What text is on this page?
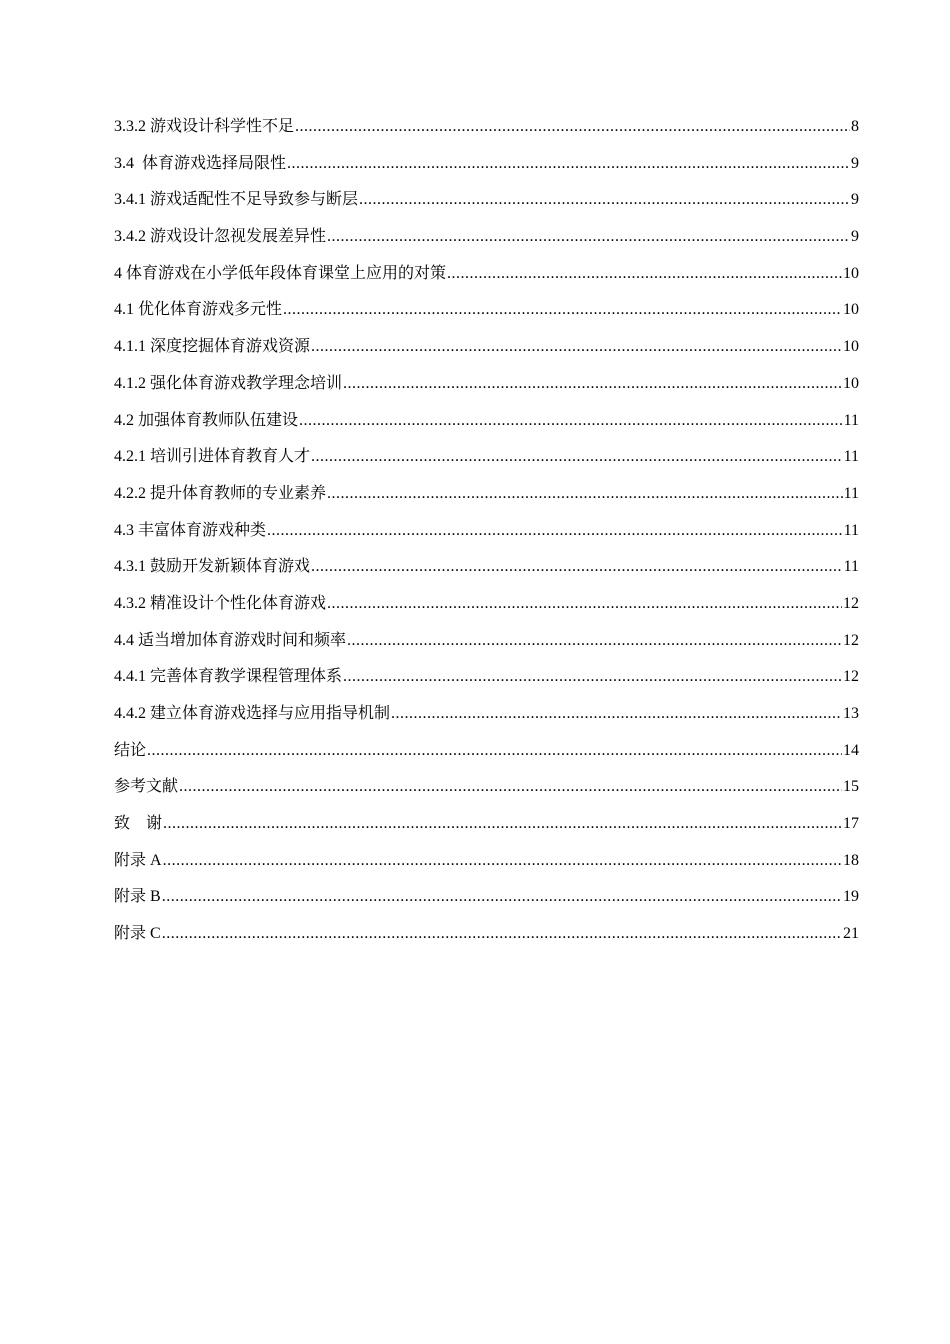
3.3.2 游戏设计科学性不足 .....	8
3.4  体育游戏选择局限性 .....	9
3.4.1 游戏适配性不足导致参与断层 .....	9
3.4.2 游戏设计忽视发展差异性 .....	9
4 体育游戏在小学低年段体育课堂上应用的对策 .....	10
4.1 优化体育游戏多元性 .....	10
4.1.1 深度挖掘体育游戏资源 .....	10
4.1.2 强化体育游戏教学理念培训 .....	10
4.2 加强体育教师队伍建设 .....	11
4.2.1 培训引进体育教育人才 .....	11
4.2.2 提升体育教师的专业素养 .....	11
4.3 丰富体育游戏种类 .....	11
4.3.1 鼓励开发新颖体育游戏 .....	11
4.3.2 精准设计个性化体育游戏 .....	12
4.4 适当增加体育游戏时间和频率 .....	12
4.4.1 完善体育教学课程管理体系 .....	12
4.4.2 建立体育游戏选择与应用指导机制 .....	13
结论 .....	14
参考文献 .....	15
致    谢 .....	17
附录 A .....	18
附录 B .....	19
附录 C .....	21
